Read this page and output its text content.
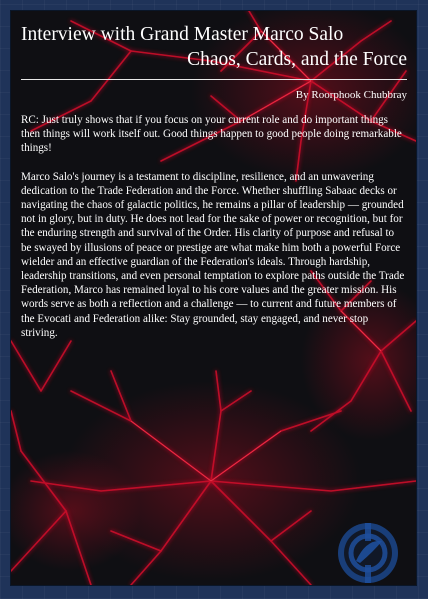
Interview with Grand Master Marco Salo
Chaos, Cards, and the Force
By Roorphook Chubbray

RC: Just truly shows that if you focus on your current role and do important things then things will work itself out. Good things happen to good people doing remarkable things!

Marco Salo's journey is a testament to discipline, resilience, and an unwavering dedication to the Trade Federation and the Force. Whether shuffling Sabaac decks or navigating the chaos of galactic politics, he remains a pillar of leadership — grounded not in glory, but in duty. He does not lead for the sake of power or recognition, but for the enduring strength and survival of the Order. His clarity of purpose and refusal to be swayed by illusions of peace or prestige are what make him both a powerful Force wielder and an effective guardian of the Federation's ideals. Through hardship, leadership transitions, and even personal temptation to explore paths outside the Trade Federation, Marco has remained loyal to his core values and the greater mission. His words serve as both a reflection and a challenge — to current and future members of the Evocati and Federation alike: Stay grounded, stay engaged, and never stop striving.
